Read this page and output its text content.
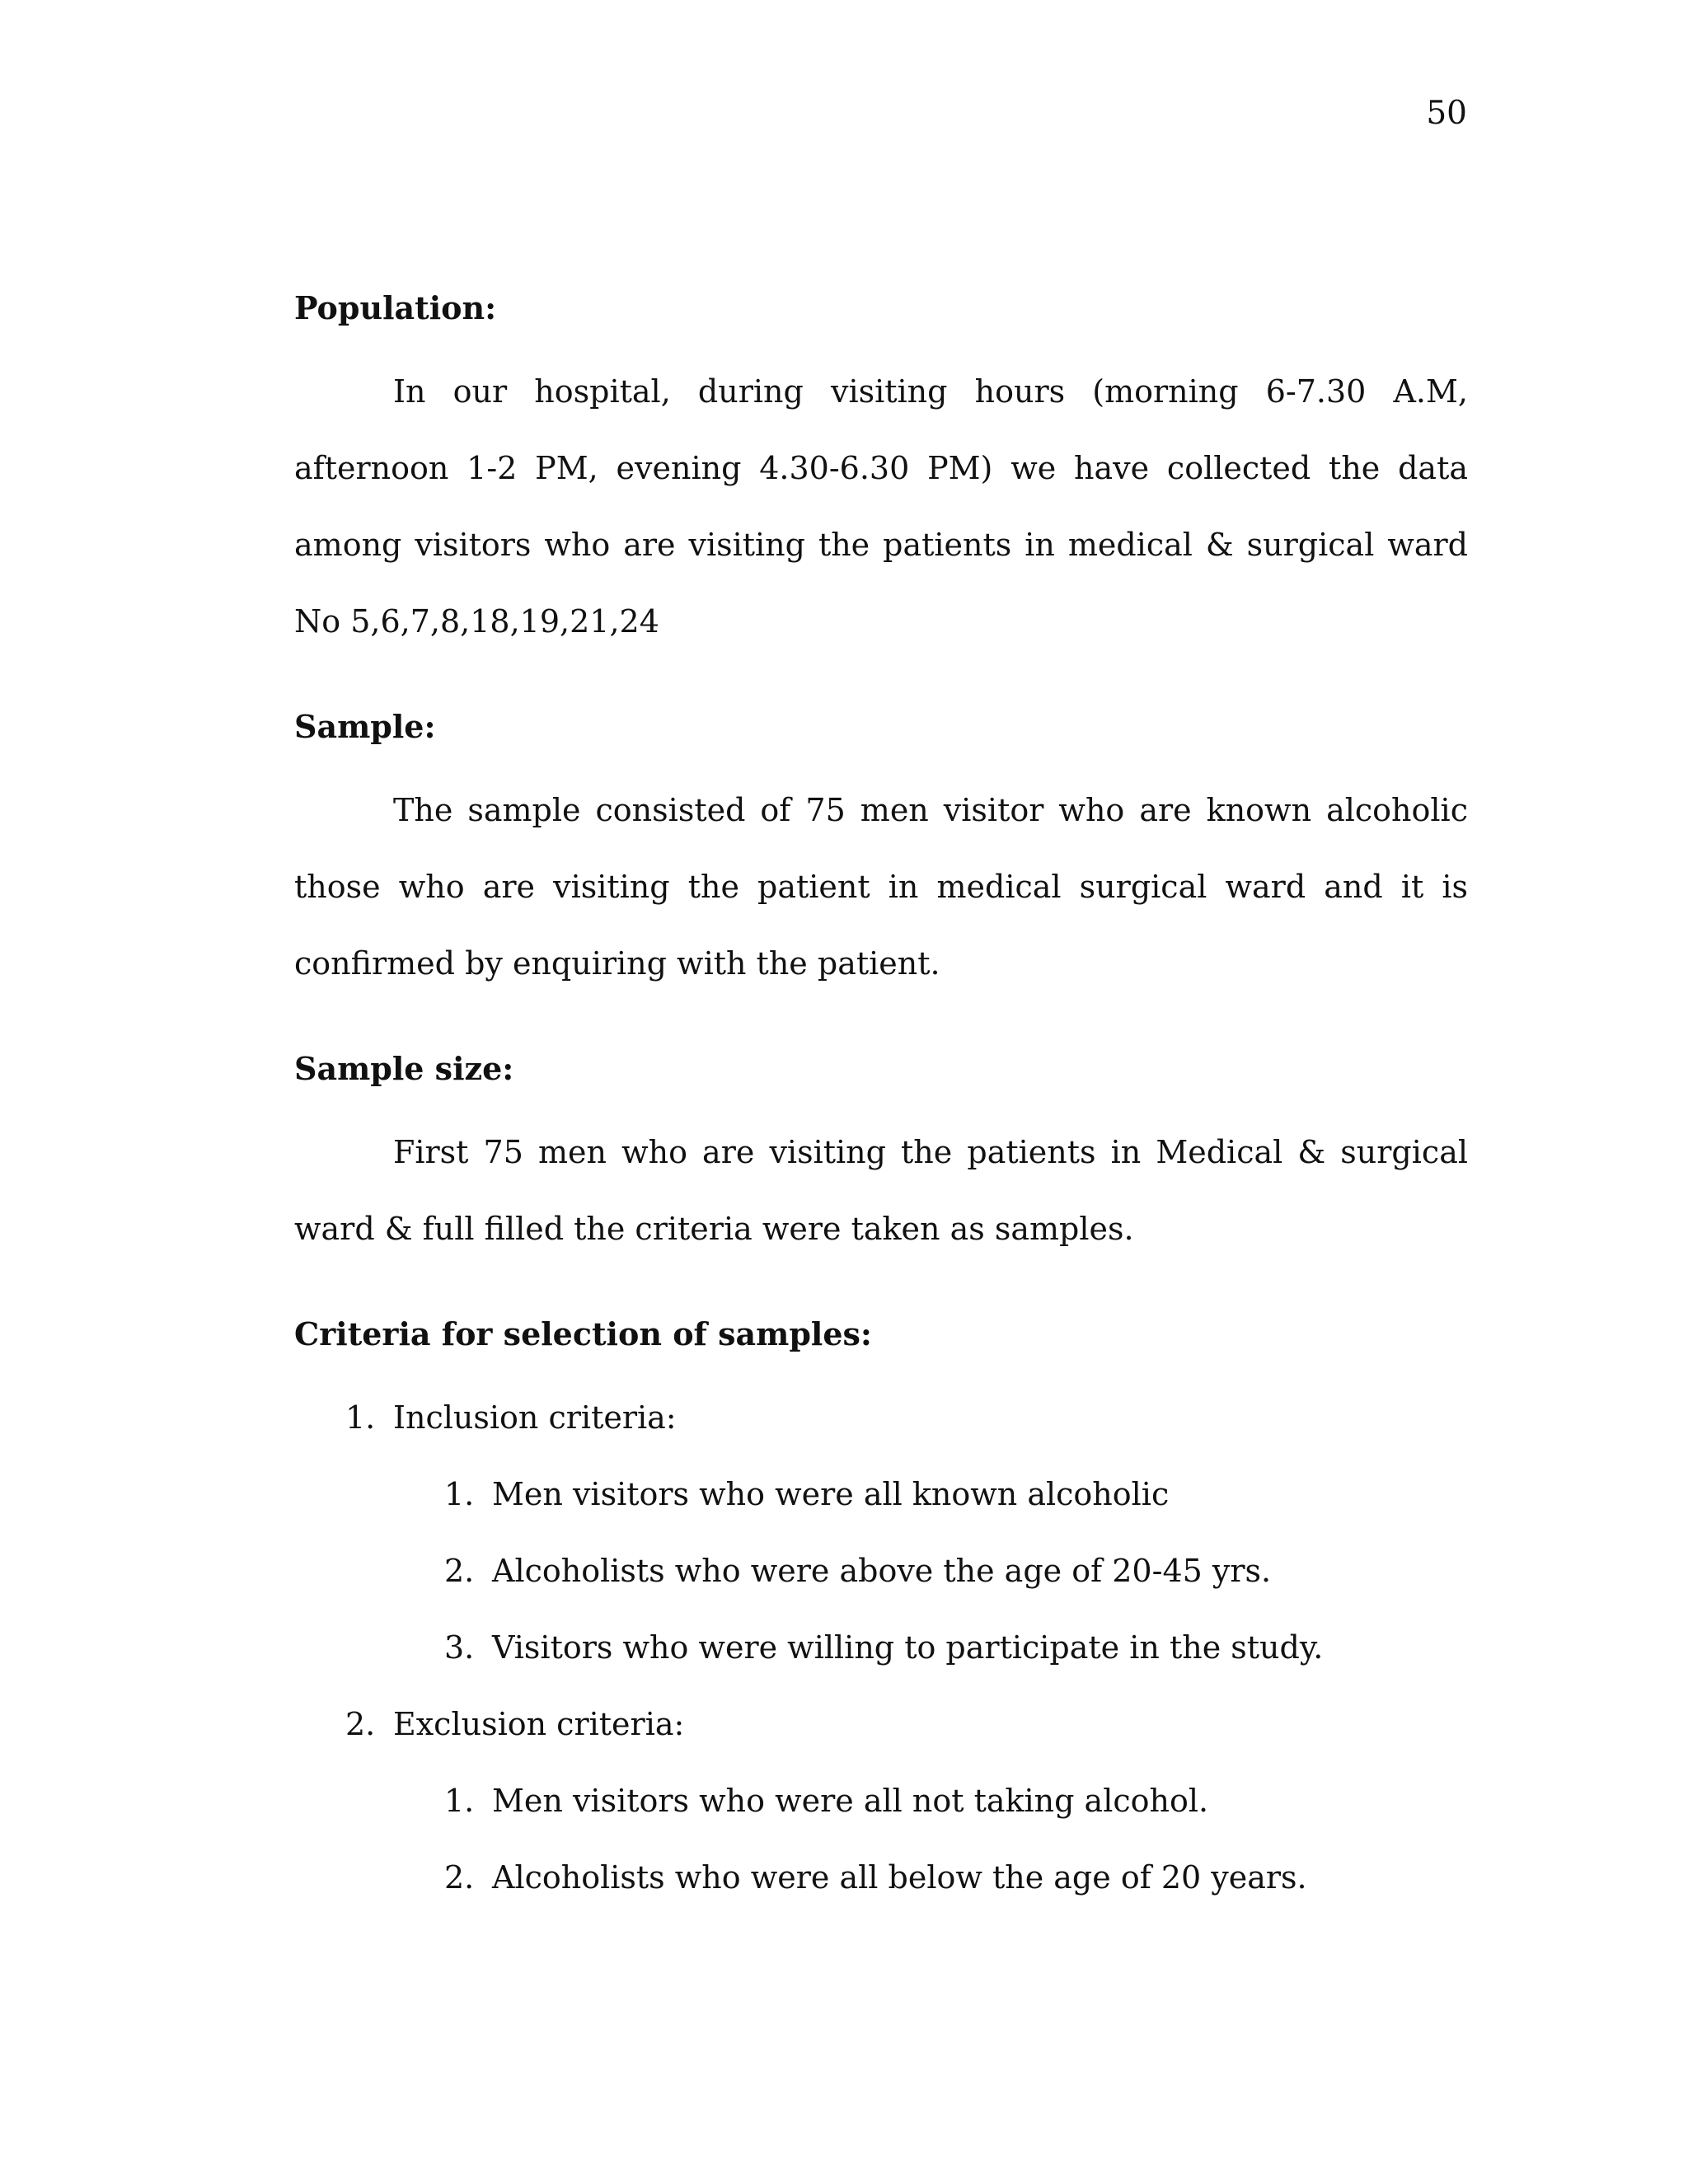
50
Population:

In our hospital, during visiting hours (morning 6-7.30 A.M, afternoon 1-2 PM, evening 4.30-6.30 PM) we have collected the data among visitors who are visiting the patients in medical & surgical ward No 5,6,7,8,18,19,21,24

Sample:

The sample consisted of 75 men visitor who are known alcoholic those who are visiting the patient in medical surgical ward and it is confirmed by enquiring with the patient.

Sample size:

First 75 men who are visiting the patients in Medical & surgical ward & full filled the criteria were taken as samples.

Criteria for selection of samples:
1. Inclusion criteria:
1. Men visitors who were all known alcoholic
2. Alcoholists who were above the age of 20-45 yrs.
3. Visitors who were willing to participate in the study.
2. Exclusion criteria:
1. Men visitors who were all not taking alcohol.
2. Alcoholists who were all below the age of 20 years.
